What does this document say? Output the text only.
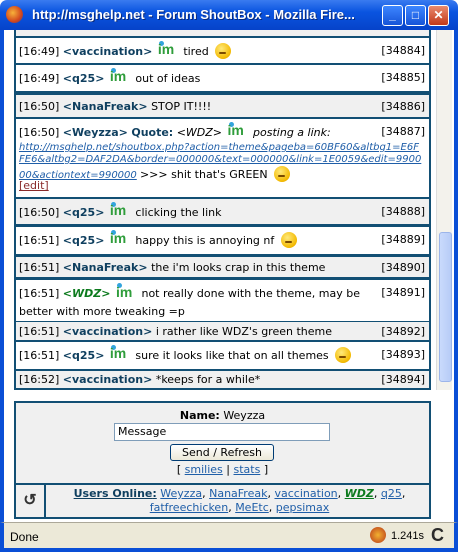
http://msghelp.net - Forum ShoutBox - Mozilla Fire...	_	□	✕
[16:49] <vaccination> im tired	[34884]
[16:49] <q25> im out of ideas	[34885]
[16:50] <NanaFreak> STOP IT!!!!	[34886]
[16:50] <Weyzza> Quote: <WDZ> im posting a link:	[34887]
http://msghelp.net/shoutbox.php?action=theme&pageba=60BF60&altbg1=E6FFE6&altbg2=DAF2DA&border=000000&text=000000&link=1E0059&edit=990000&actiontext=990000 >>> shit that's GREEN
[edit]
[16:50] <q25> im clicking the link	[34888]
[16:51] <q25> im happy this is annoying nf	[34889]
[16:51] <NanaFreak> the i'm looks crap in this theme	[34890]
[16:51] <WDZ> im not really done with the theme, may be better with more tweaking =p
[34891]
[16:51] <vaccination> i rather like WDZ's green theme	[34892]
[16:51] <q25> im sure it looks like that on all themes	[34893]
[16:52] <vaccination> *keeps for a while*	[34894]
Name: Weyzza
Message
Send / Refresh
[ smilies | stats ]
↺	Users Online: Weyzza, NanaFreak, vaccination, WDZ, q25, fatfreechicken, MeEtc, pepsimax
Done	1.241s C
